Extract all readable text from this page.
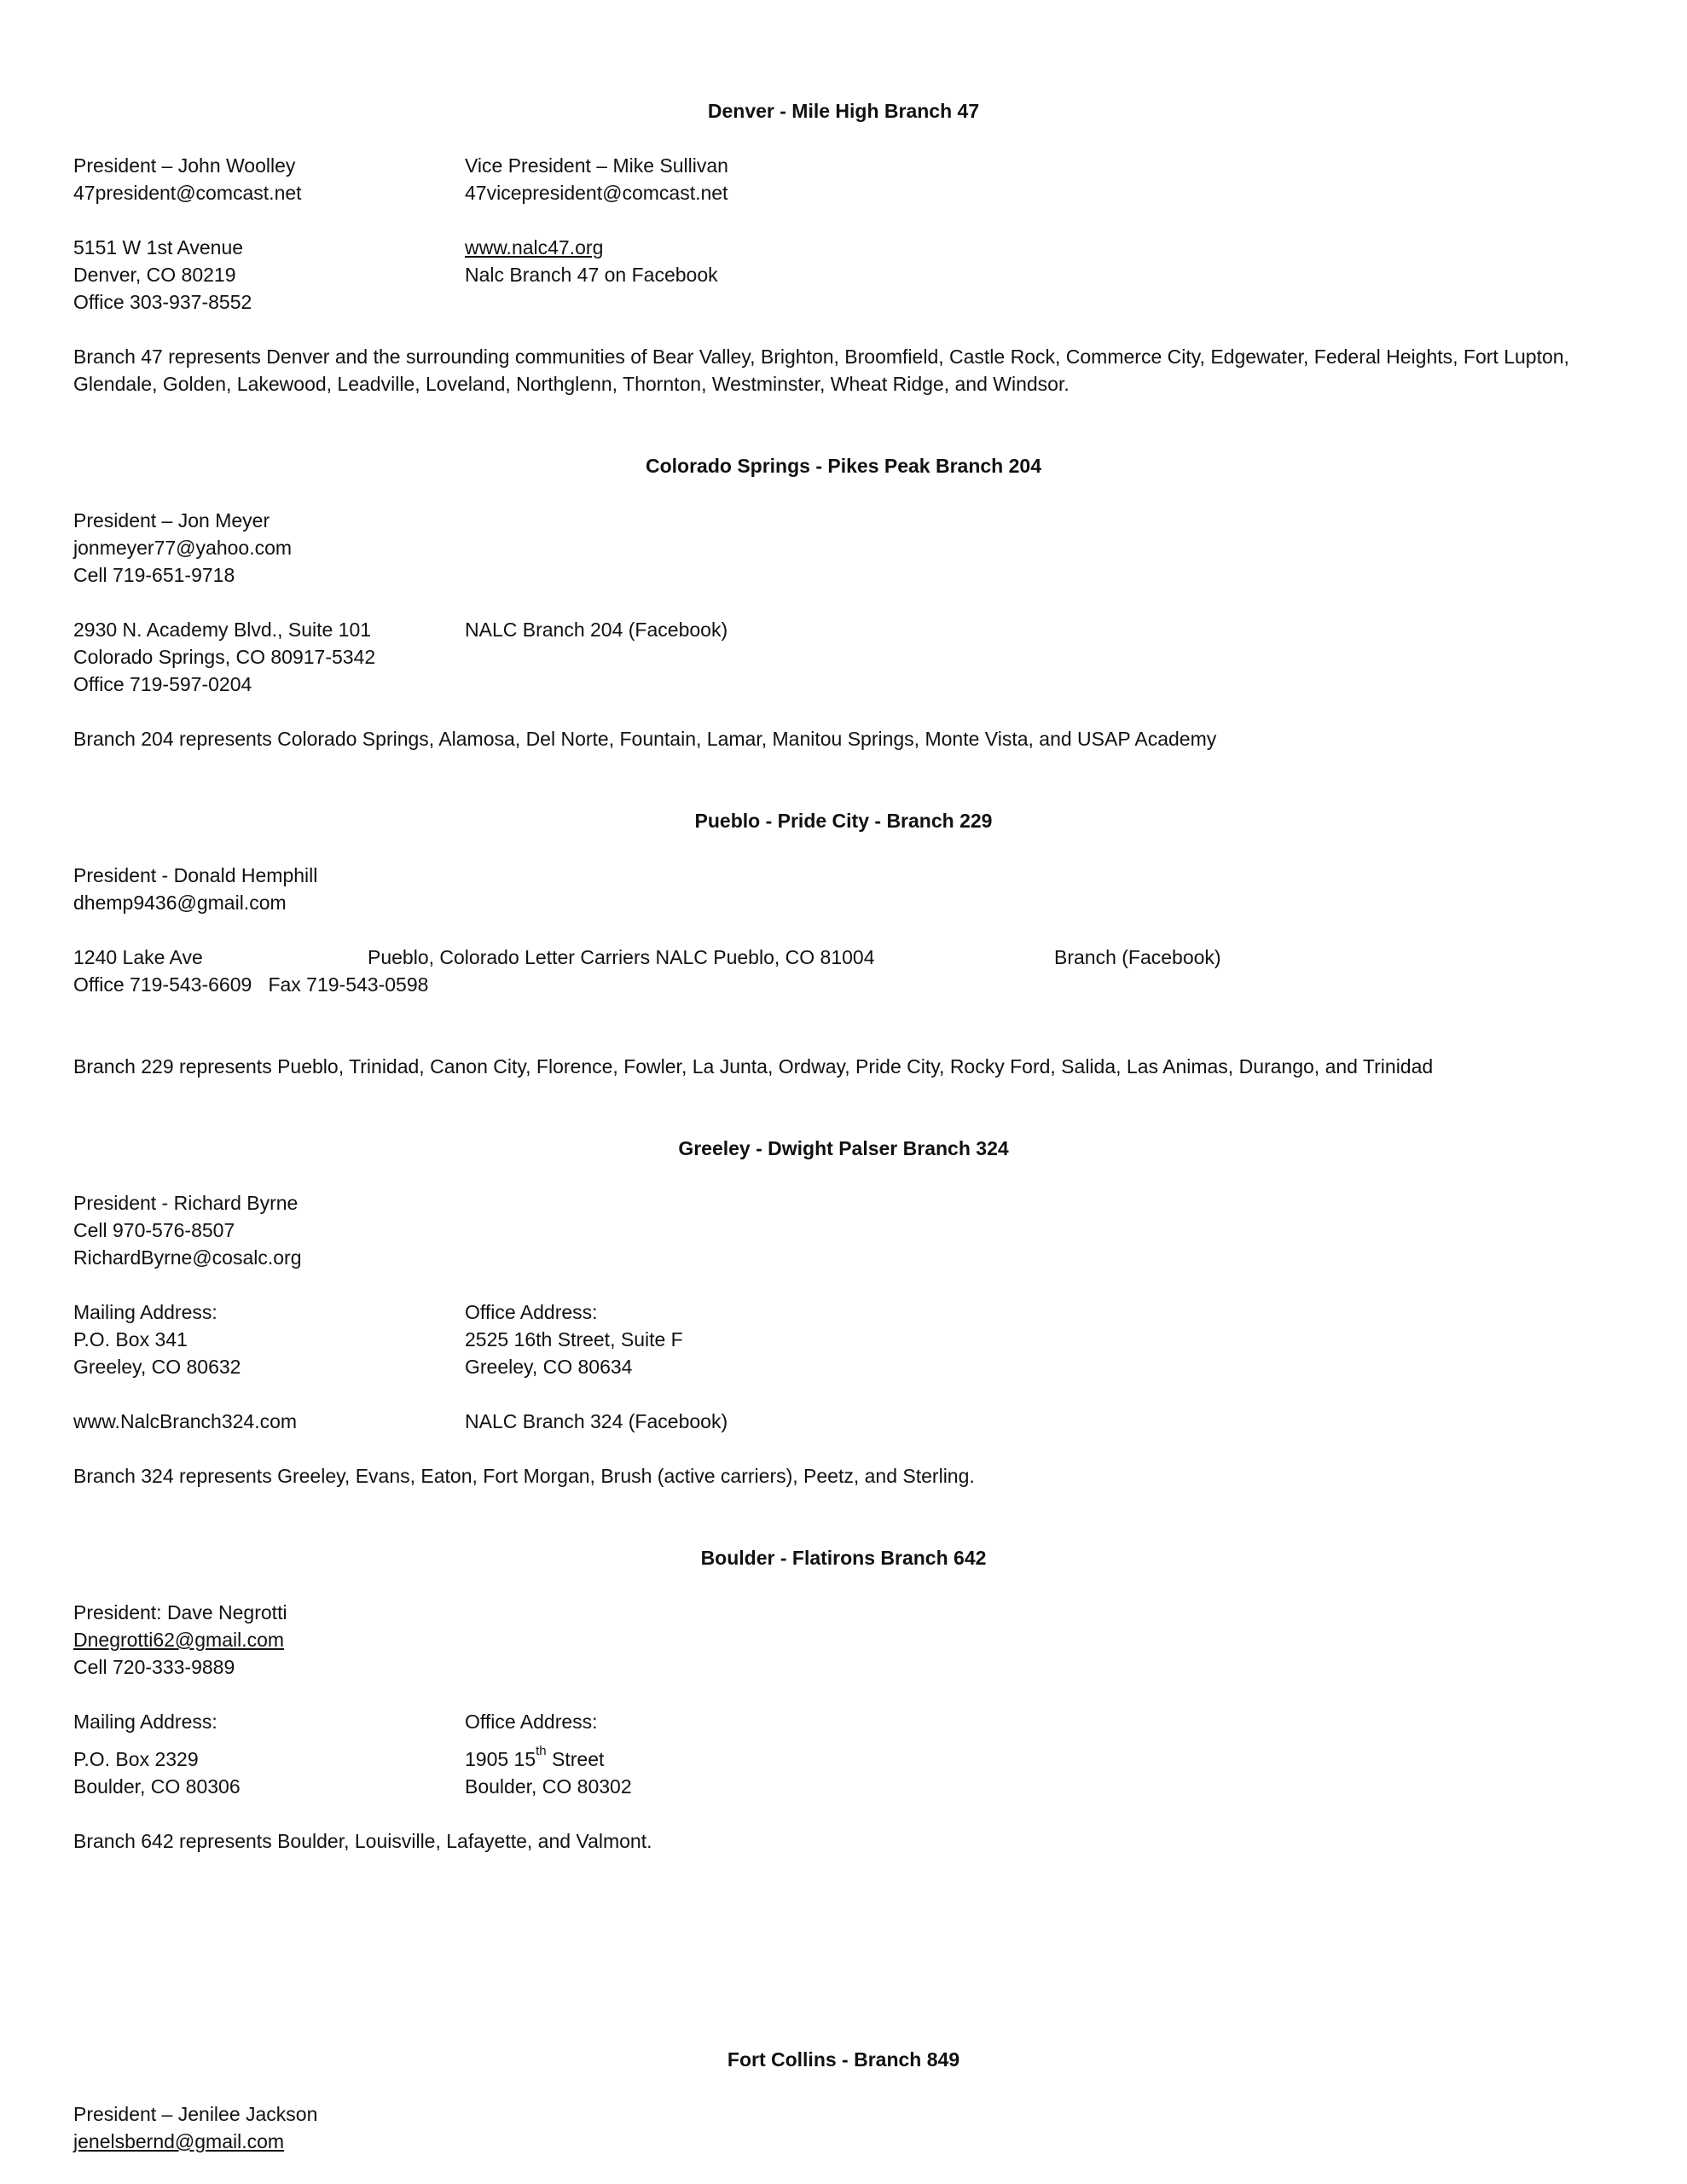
Denver - Mile High Branch 47
President – John Woolley
47president@comcast.net
Vice President – Mike Sullivan
47vicepresident@comcast.net
5151 W 1st Avenue
Denver, CO 80219
Office 303-937-8552
www.nalc47.org
Nalc Branch 47 on Facebook
Branch 47 represents Denver and the surrounding communities of Bear Valley, Brighton, Broomfield, Castle Rock, Commerce City, Edgewater, Federal Heights, Fort Lupton,
Glendale, Golden, Lakewood, Leadville, Loveland, Northglenn, Thornton, Westminster, Wheat Ridge, and Windsor.
Colorado Springs - Pikes Peak Branch 204
President – Jon Meyer
jonmeyer77@yahoo.com
Cell 719-651-9718
2930 N. Academy Blvd., Suite 101
Colorado Springs, CO 80917-5342
Office 719-597-0204
NALC Branch 204 (Facebook)
Branch 204 represents Colorado Springs, Alamosa, Del Norte, Fountain, Lamar, Manitou Springs, Monte Vista, and USAP Academy
Pueblo - Pride City - Branch 229
President - Donald Hemphill
dhemp9436@gmail.com
1240 Lake Ave	Pueblo, Colorado Letter Carriers NALC Pueblo, CO 81004	Branch (Facebook)
Office 719-543-6609   Fax 719-543-0598
Branch 229 represents Pueblo, Trinidad, Canon City, Florence, Fowler, La Junta, Ordway, Pride City, Rocky Ford, Salida, Las Animas, Durango, and Trinidad
Greeley - Dwight Palser Branch 324
President - Richard Byrne
Cell 970-576-8507
RichardByrne@cosalc.org
Mailing Address:
P.O. Box 341
Greeley, CO 80632
Office Address:
2525 16th Street, Suite F
Greeley, CO 80634
www.NalcBranch324.com	NALC Branch 324 (Facebook)
Branch 324 represents Greeley, Evans, Eaton, Fort Morgan, Brush (active carriers), Peetz, and Sterling.
Boulder - Flatirons Branch 642
President: Dave Negrotti
Dnegrotti62@gmail.com
Cell 720-333-9889
Mailing Address:
P.O. Box 2329
Boulder, CO 80306
Office Address:
1905 15th Street
Boulder, CO 80302
Branch 642 represents Boulder, Louisville, Lafayette, and Valmont.
Fort Collins - Branch 849
President – Jenilee Jackson
jenelsbernd@gmail.com
